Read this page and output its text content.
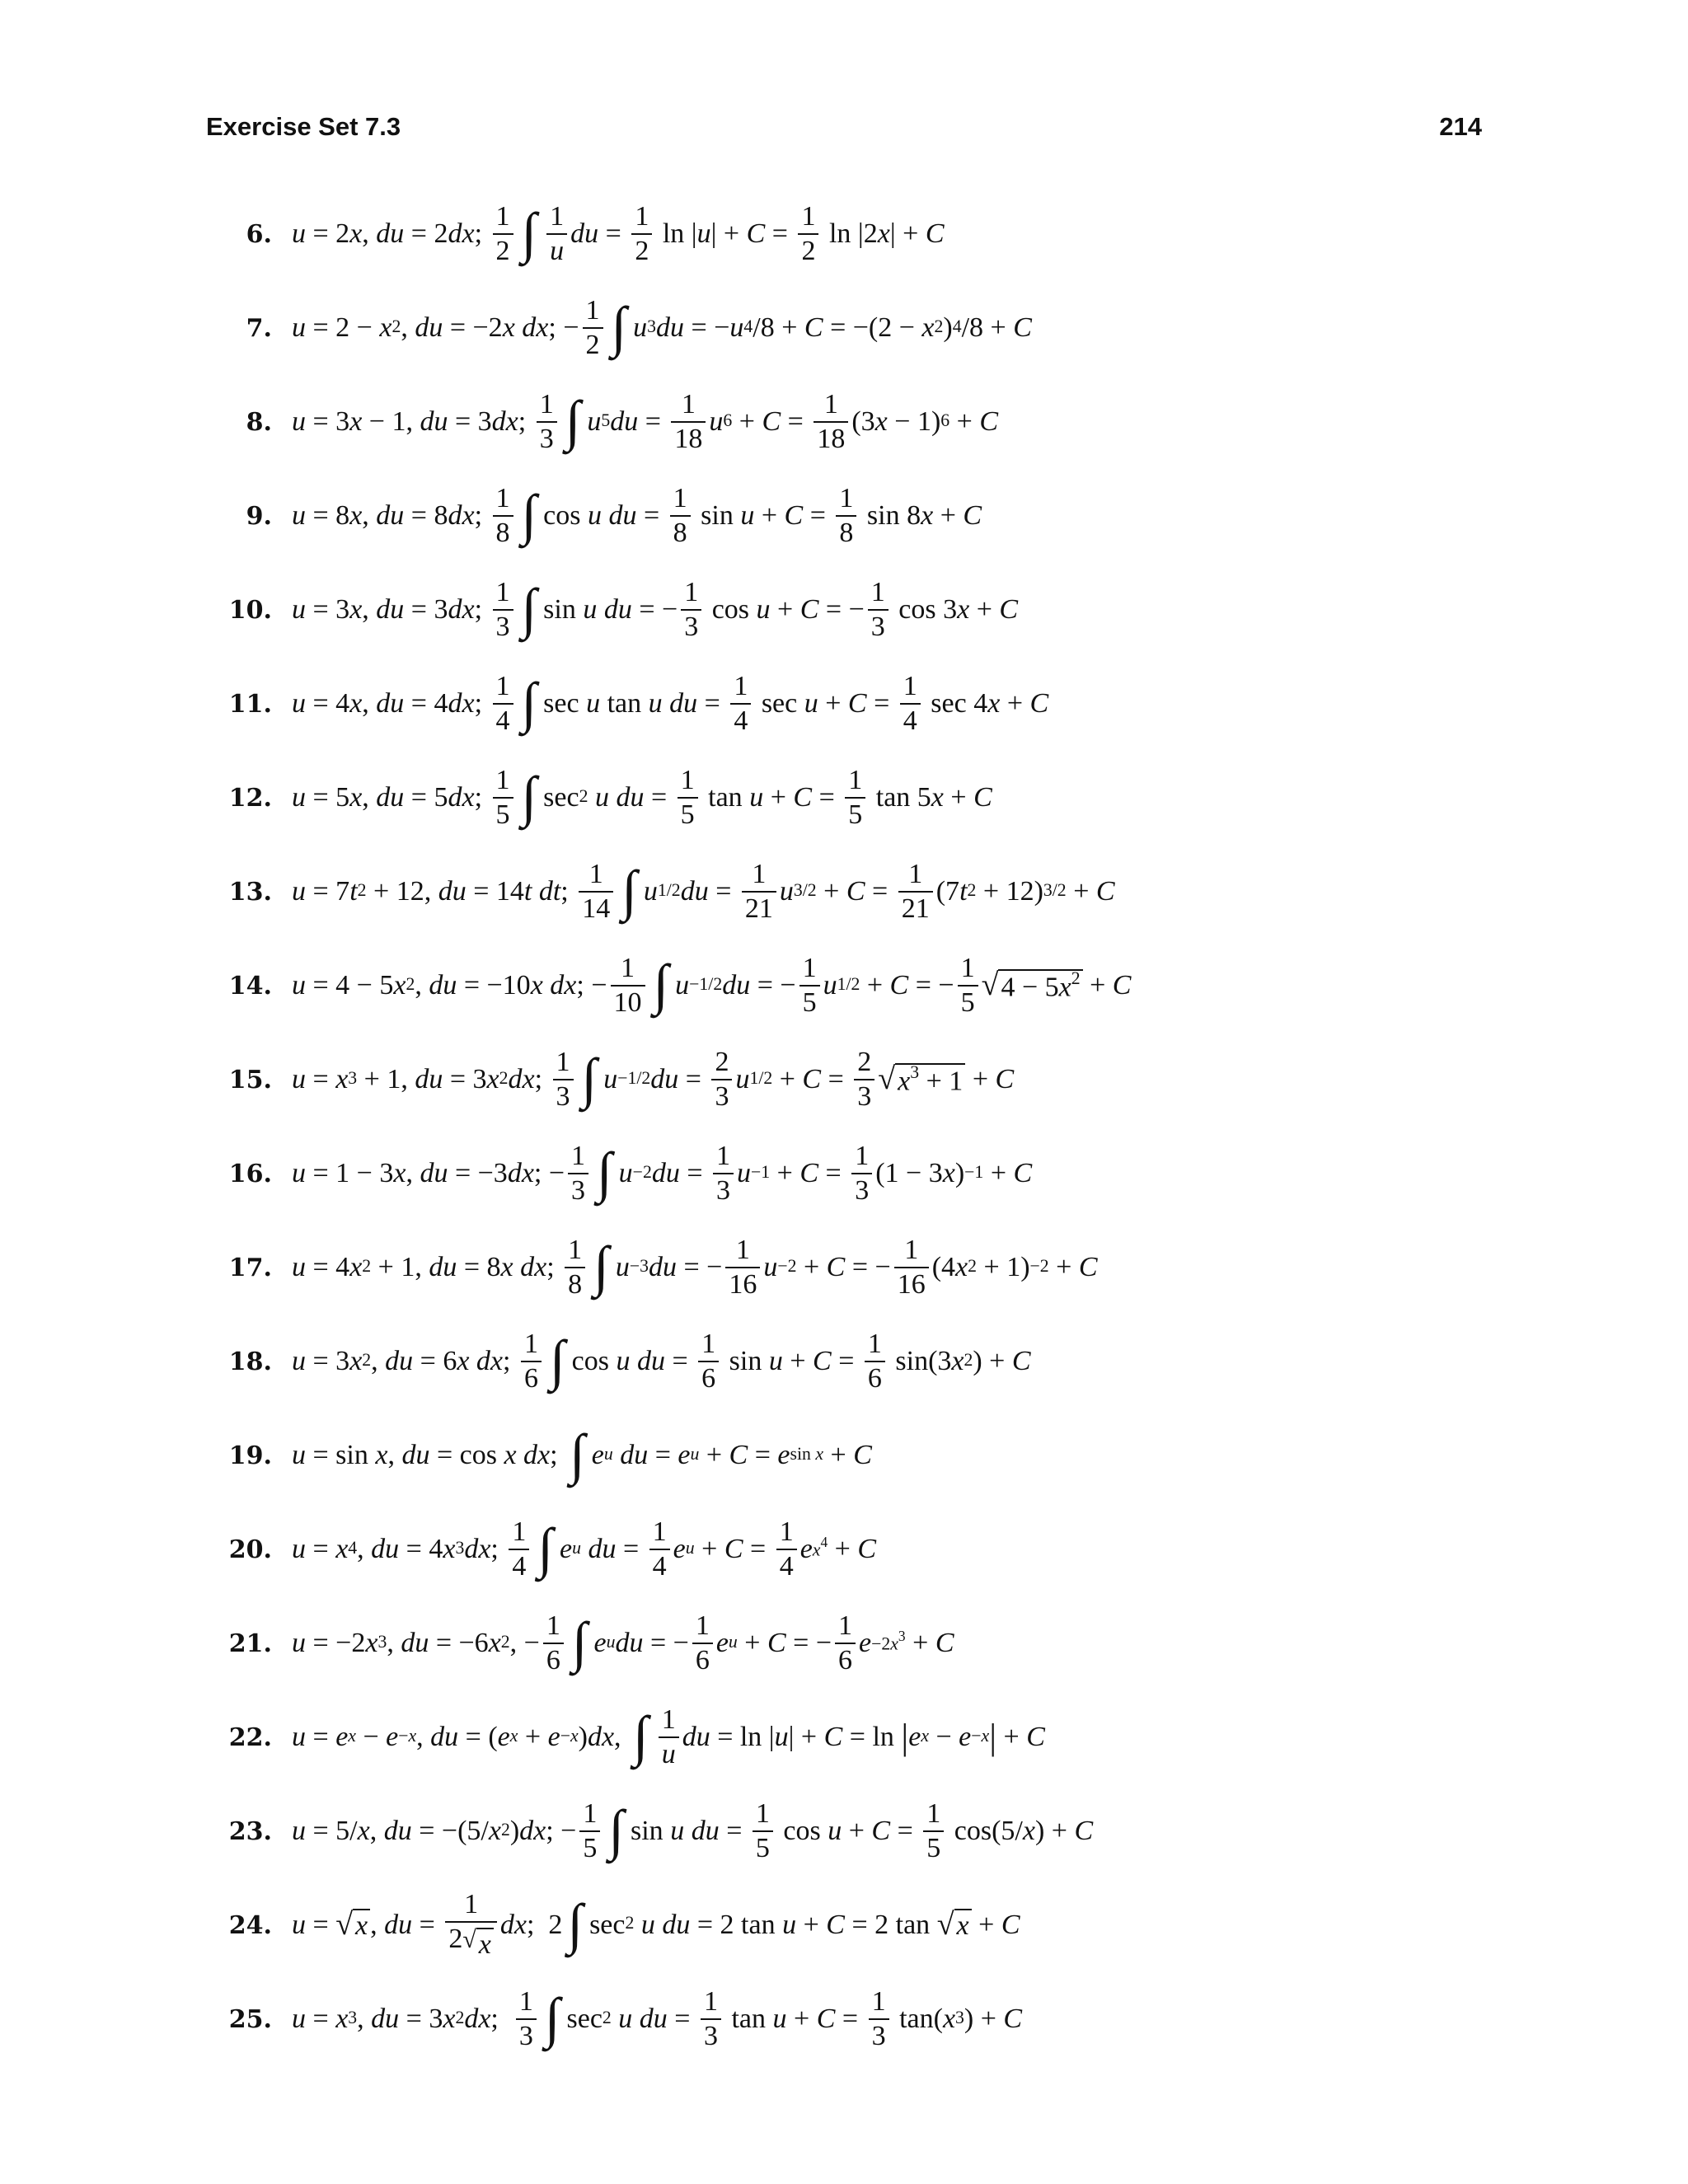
Exercise Set 7.3	214
6. u = 2 x , du = 2 dx ; $\frac{1}{2}$ ∫ $\frac{1}{u}$ du = $\frac{1}{2}$ ln | u | + $C = \frac{1}{2}$ ln |2 x | + C
7. $u = 2 - x^2$ , du = −2 x dx ; − $\frac{1}{2}$ ∫ $u^3$ du = − $u^4$ $/8 + C = -(2 - x^2$ )$^4$ /8 + C
8. u = 3 x − 1, du = 3 dx ; $\frac{1}{3}$ ∫ $u^5$ du = $\frac{1}{18} u^6 + C = \frac{1}{18} (3$ x − 1)$^6$ + C
9. u = 8 x , du = 8 dx ; $\frac{1}{8}$ ∫ cos u du = $\frac{1}{8}$ $\sin u + C = \frac{1}{8}$ sin 8 x + C
10. u = 3 x , du = 3 dx ; $\frac{1}{3}$ ∫ sin u du = − $\frac{1}{3}$ cos u + C = − $\frac{1}{3}$ cos 3 x + C
11. u = 4 x , du = 4 dx ; $\frac{1}{4}$ ∫ sec u tan u du = $\frac{1}{4}$ $\sec u + C = \frac{1}{4}$ sec 4 x + C
12. u = 5 x , du = 5 dx ; $\frac{1}{5}$ ∫ $\sec^2$
u du = $\frac{1}{5}$ $\tan u + C = \frac{1}{5}$ tan 5 x + C
13. u = 7 $t^2 + 12$, du = 14 t dt ; $\frac{1}{14}$ ∫ $u^{1/2}$ du = $\frac{1}{21} u^{3/2} + C = \frac{1}{21} (7$ $t^2 + 12)^{3/2} + C$
14. u = 4 − 5 $x^2$ , du = −10 x dx ; − $\frac{1}{10}$ ∫ $u^{-1/2}$ du = − $\frac{1}{5} u^{1/2} + C$ = − $\frac{1}{5}$ √ $4 - 5x^2 + C$
15. $u = x^3 + 1$, du = 3 $x^2$ dx ; $\frac{1}{3}$ ∫ $u^{-1/2}$ du = $\frac{2}{3} u^{1/2} + C = \frac{2}{3}$ √ $x^3 + 1 + C$
16. u = 1 − 3 x , du = −3 dx ; − $\frac{1}{3}$ ∫ $u^{-2}$ du = $\frac{1}{3} u^{-1} + C = \frac{1}{3} (1 - 3$ x )$^{-1}$ + C
17. u = 4 $x^2 + 1$, du = 8 x dx ; $\frac{1}{8}$ ∫ $u^{-3}$ du = − $\frac{1}{16} u^{-2} + C$ = − $\frac{1}{16} (4$ $x^2 + 1)^{-2} + C$
18. u = 3 $x^2$ , du = 6 x dx ; $\frac{1}{6}$ ∫ cos u du = $\frac{1}{6}$ $\sin u + C = \frac{1}{6} \sin(3$ $x^2$ ) + C
19. u = sin x , du = cos x dx ; ∫ $e^u$
du = $e^u + C = e^{sin x} + C$
20. $u = x^4$ , du = 4 $x^3$ dx ; $\frac{1}{4}$ ∫ $e^u$
du = $\frac{1}{4} e^u + C = \frac{1}{4}$ e $^{x^4}$ + C
21. u = −2 $x^3$ , du = −6 $x^2$ , − $\frac{1}{6}$ ∫ $e^u$ du = − $\frac{1}{6} e^u + C$ = − $\frac{1}{6} e^{-2x^3} + C$
22. $u = e^x - e^{-x}$ , du = ( $e^x + e^{-x}$ ) dx , ∫ $\frac{1}{u}$ du = ln | u | + C = ln | $e^x - e^{-x}$ | + C
23. u = 5/ x , du = −(5/ $x^2$ ) dx ; − $\frac{1}{5}$ ∫ sin u du = $\frac{1}{5}$ $\cos u + C = \frac{1}{5} \cos(5/$ x ) + C
24. u = √ x , du = $\frac{1}{2 √ x}$ dx ;  2 ∫ $\sec^2$
u du = 2 tan u + C = 2 tan √ x + C
25. $u = x^3$ , du = 3 $x^2$ dx ; $\frac{1}{3}$ ∫ $\sec^2$
u du = $\frac{1}{3}$ $\tan u + C = \frac{1}{3} \tan$( $x^3$ ) + C
